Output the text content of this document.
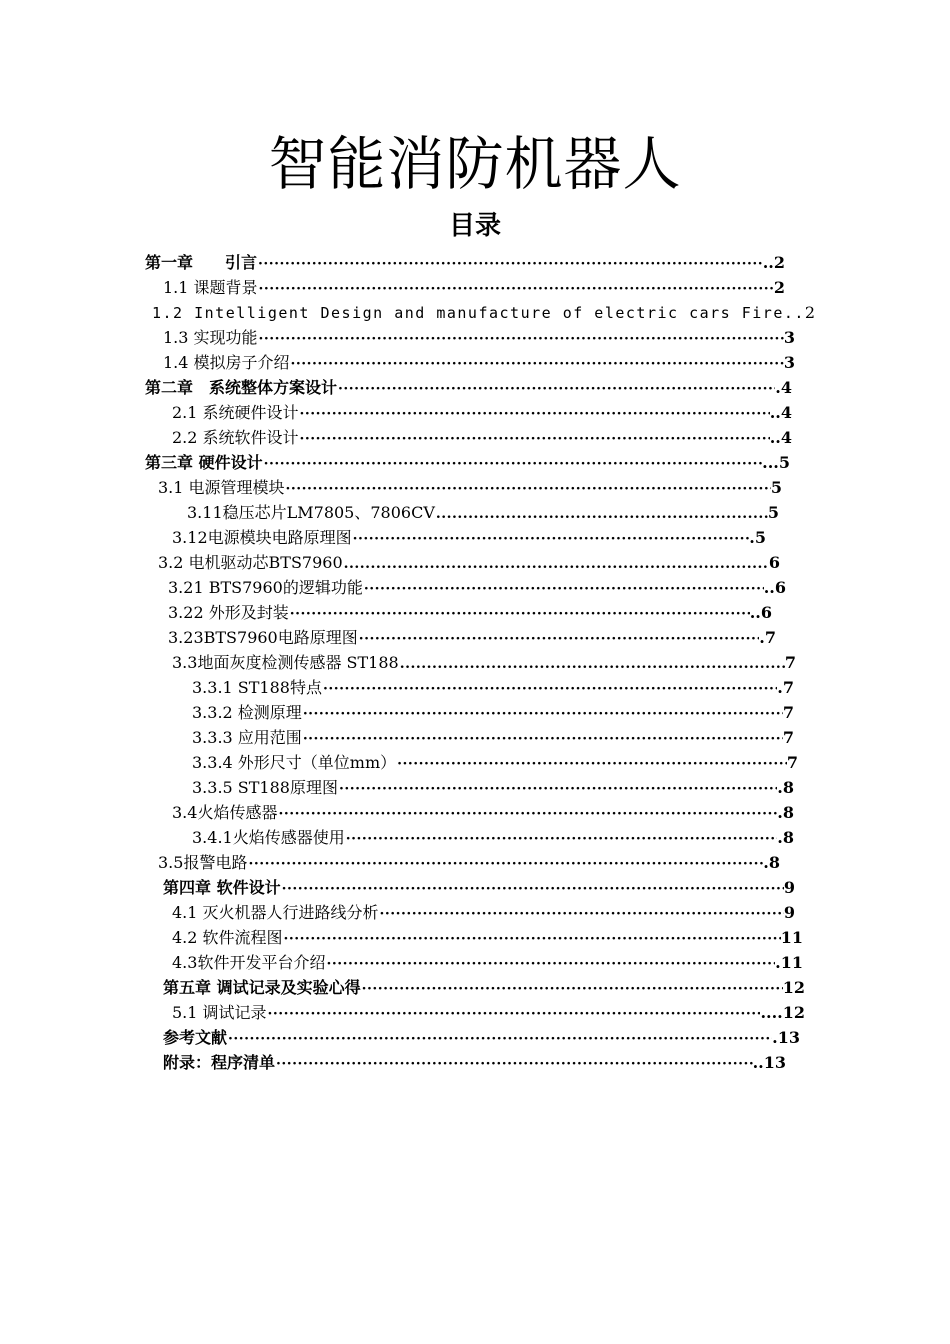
智能消防机器人
目录
第一章　　引言 ·····	..2
1.1 课题背景 ·····	2
1.2 Intelligent Design and manufacture of electric cars Fire.. 2
1.3 实现功能 ·····	3
1.4 模拟房子介绍 ·····	3
第二章　系统整体方案设计 ·····	.4
2.1 系统硬件设计 ·····	..4
2.2 系统软件设计 ·····	..4
第三章 硬件设计 ·····	...5
3.1 电源管理模块 ·····	5
3.11稳压芯片LM7805、7806CV .....	5
3.12电源模块电路原理图 ·····	.5
3.2 电机驱动芯BTS7960 .....	6
3.21 BTS7960的逻辑功能 ·····	..6
3.22 外形及封装 ·····	..6
3.23BTS7960电路原理图 ·····	.7
3.3地面灰度检测传感器 ST188 .....	7
3.3.1 ST188特点 ·····	.7
3.3.2 检测原理 ·····	7
3.3.3 应用范围 ·····	7
3.3.4 外形尺寸（单位mm） ·····	7
3.3.5 ST188原理图 ·····	.8
3.4火焰传感器 ·····	.8
3.4.1火焰传感器使用 ·····	.8
3.5报警电路 ·····	.8
第四章 软件设计 ·····	9
4.1 灭火机器人行进路线分析 ·····	9
4.2 软件流程图 ·····	11
4.3软件开发平台介绍 ·····	.11
第五章 调试记录及实验心得 ·····	12
5.1 调试记录 ·····	....12
参考文献 ·····	.13
附录：程序清单 ·····	..13
